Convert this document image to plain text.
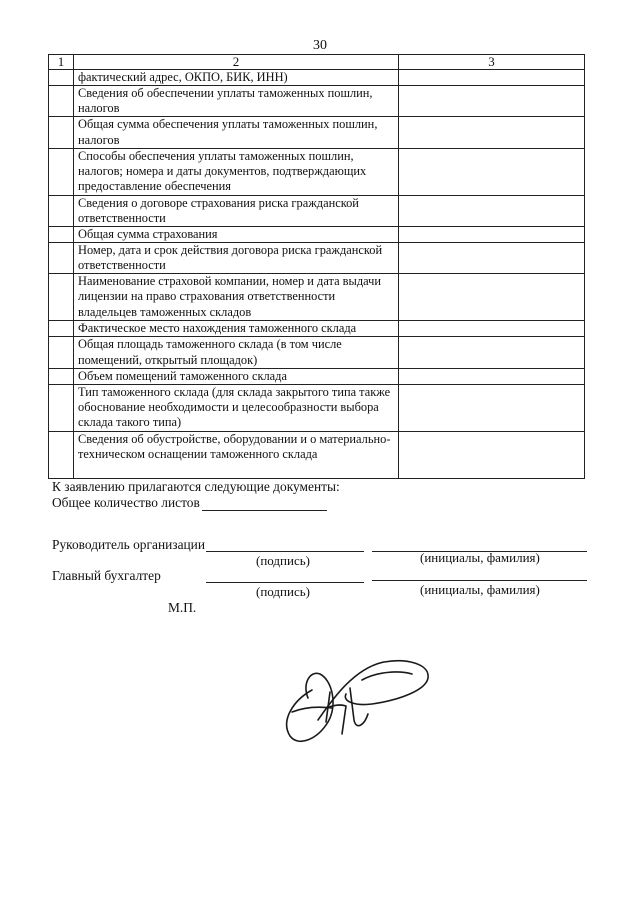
30
1	2	3
	фактический адрес, ОКПО, БИК, ИНН)	
	Сведения об обеспечении уплаты таможенных пошлин, налогов	
	Общая сумма обеспечения уплаты таможенных пошлин, налогов	
	Способы обеспечения уплаты таможенных пошлин, налогов; номера и даты документов, подтверждающих предоставление обеспечения	
	Сведения о договоре страхования риска гражданской ответственности	
	Общая сумма страхования	
	Номер, дата и срок действия договора риска гражданской ответственности	
	Наименование страховой компании, номер и дата выдачи лицензии на право страхования ответственности владельцев таможенных складов	
	Фактическое место нахождения таможенного склада	
	Общая площадь таможенного склада (в том числе помещений, открытый площадок)	
	Объем помещений таможенного склада	
	Тип таможенного склада (для склада закрытого типа также обоснование необходимости и целесообразности выбора склада такого типа)	
	Сведения об обустройстве, оборудовании и о материально-техническом оснащении таможенного склада	
К заявлению прилагаются следующие документы:
Общее количество листов
Руководитель организации
(подпись)	(инициалы, фамилия)
Главный бухгалтер
(подпись)	(инициалы, фамилия)
М.П.
